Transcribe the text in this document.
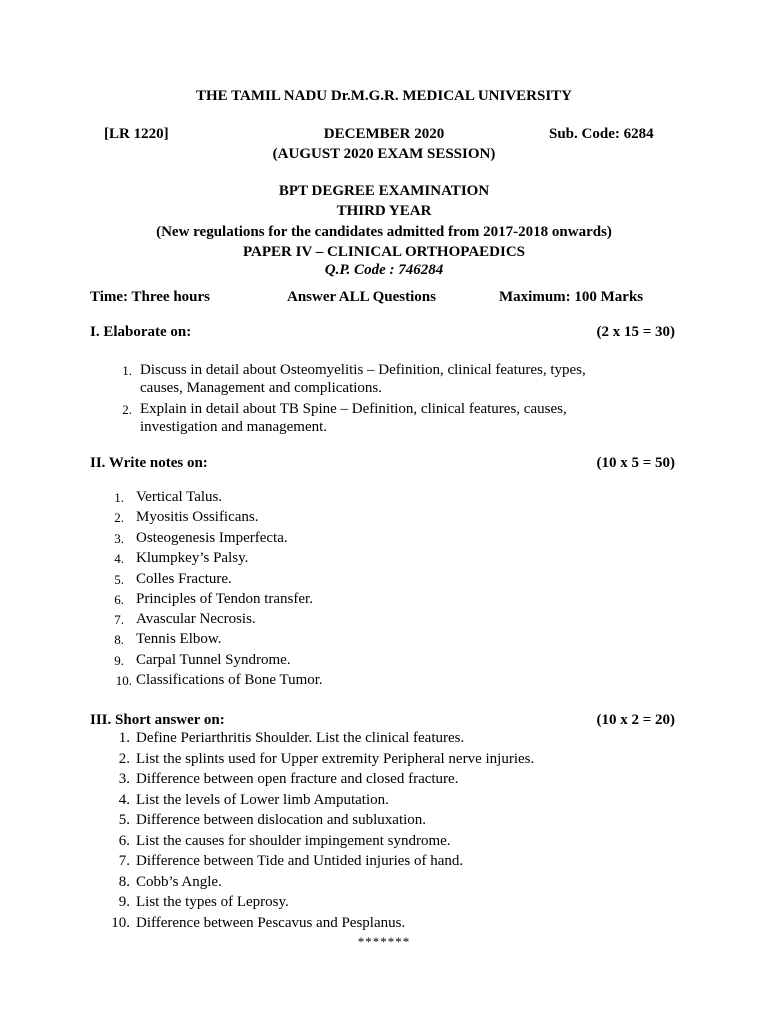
THE TAMIL NADU Dr.M.G.R. MEDICAL UNIVERSITY
[LR 1220]	DECEMBER 2020	Sub. Code: 6284
(AUGUST 2020 EXAM SESSION)
BPT DEGREE EXAMINATION
THIRD YEAR
(New regulations for the candidates admitted from 2017-2018 onwards)
PAPER IV – CLINICAL ORTHOPAEDICS
Q.P. Code : 746284
Time: Three hours	Answer ALL Questions	Maximum: 100 Marks
I. Elaborate on:	(2 x 15 = 30)
1. Discuss in detail about Osteomyelitis – Definition, clinical features, types,
causes, Management and complications.
2. Explain in detail about TB Spine – Definition, clinical features, causes,
investigation and management.
II. Write notes on:	(10 x 5 = 50)
1. Vertical Talus.
2. Myositis Ossificans.
3. Osteogenesis Imperfecta.
4. Klumpkey’s Palsy.
5. Colles Fracture.
6. Principles of Tendon transfer.
7. Avascular Necrosis.
8. Tennis Elbow.
9. Carpal Tunnel Syndrome.
10. Classifications of Bone Tumor.
III. Short answer on:	(10 x 2 = 20)
1. Define Periarthritis Shoulder. List the clinical features.
2. List the splints used for Upper extremity Peripheral nerve injuries.
3. Difference between open fracture and closed fracture.
4. List the levels of Lower limb Amputation.
5. Difference between dislocation and subluxation.
6. List the causes for shoulder impingement syndrome.
7. Difference between Tide and Untided injuries of hand.
8. Cobb’s Angle.
9. List the types of Leprosy.
10. Difference between Pescavus and Pesplanus.
*******
